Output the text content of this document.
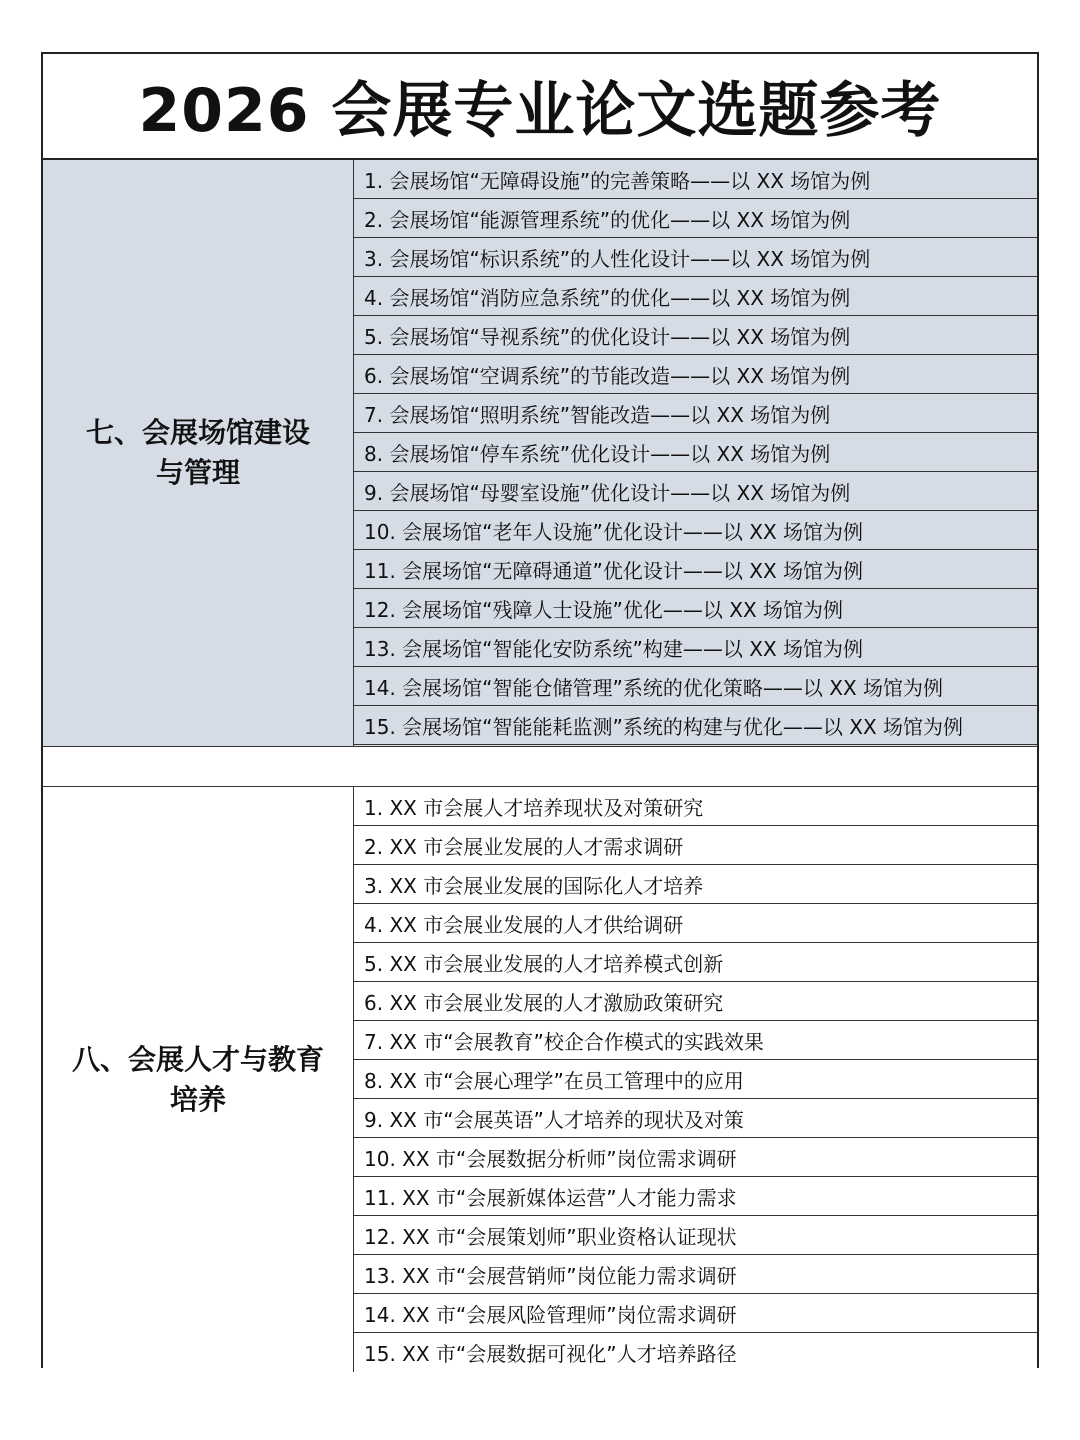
2026 会展专业论文选题参考
七、会展场馆建设
与管理
1. 会展场馆“无障碍设施”的完善策略——以 XX 场馆为例
2. 会展场馆“能源管理系统”的优化——以 XX 场馆为例
3. 会展场馆“标识系统”的人性化设计——以 XX 场馆为例
4. 会展场馆“消防应急系统”的优化——以 XX 场馆为例
5. 会展场馆“导视系统”的优化设计——以 XX 场馆为例
6. 会展场馆“空调系统”的节能改造——以 XX 场馆为例
7. 会展场馆“照明系统”智能改造——以 XX 场馆为例
8. 会展场馆“停车系统”优化设计——以 XX 场馆为例
9. 会展场馆“母婴室设施”优化设计——以 XX 场馆为例
10. 会展场馆“老年人设施”优化设计——以 XX 场馆为例
11. 会展场馆“无障碍通道”优化设计——以 XX 场馆为例
12. 会展场馆“残障人士设施”优化——以 XX 场馆为例
13. 会展场馆“智能化安防系统”构建——以 XX 场馆为例
14. 会展场馆“智能仓储管理”系统的优化策略——以 XX 场馆为例
15. 会展场馆“智能能耗监测”系统的构建与优化——以 XX 场馆为例
八、会展人才与教育
培养
1. XX 市会展人才培养现状及对策研究
2. XX 市会展业发展的人才需求调研
3. XX 市会展业发展的国际化人才培养
4. XX 市会展业发展的人才供给调研
5. XX 市会展业发展的人才培养模式创新
6. XX 市会展业发展的人才激励政策研究
7. XX 市“会展教育”校企合作模式的实践效果
8. XX 市“会展心理学”在员工管理中的应用
9. XX 市“会展英语”人才培养的现状及对策
10. XX 市“会展数据分析师”岗位需求调研
11. XX 市“会展新媒体运营”人才能力需求
12. XX 市“会展策划师”职业资格认证现状
13. XX 市“会展营销师”岗位能力需求调研
14. XX 市“会展风险管理师”岗位需求调研
15. XX 市“会展数据可视化”人才培养路径
